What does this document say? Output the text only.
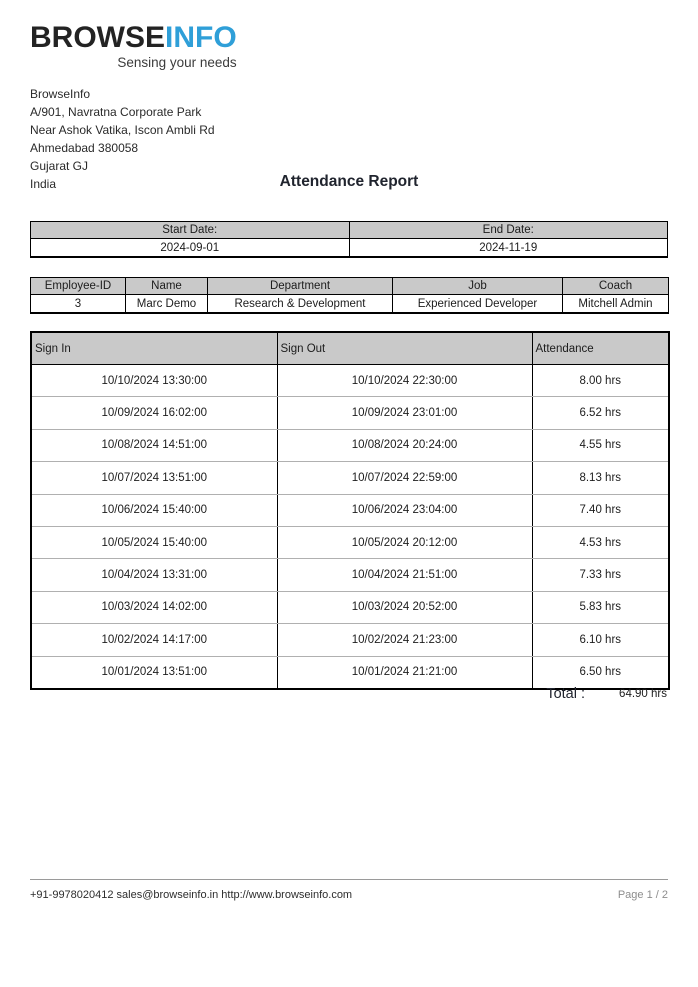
BROWSEINFO
Sensing your needs
BrowseInfo
A/901, Navratna Corporate Park
Near Ashok Vatika, Iscon Ambli Rd
Ahmedabad 380058
Gujarat GJ
India	Attendance Report
Start Date:	End Date:
2024-09-01	2024-11-19
Employee-ID	Name	Department	Job	Coach
3	Marc Demo	Research & Development	Experienced Developer	Mitchell Admin
Sign In	Sign Out	Attendance
10/10/2024 13:30:00	10/10/2024 22:30:00	8.00 hrs
10/09/2024 16:02:00	10/09/2024 23:01:00	6.52 hrs
10/08/2024 14:51:00	10/08/2024 20:24:00	4.55 hrs
10/07/2024 13:51:00	10/07/2024 22:59:00	8.13 hrs
10/06/2024 15:40:00	10/06/2024 23:04:00	7.40 hrs
10/05/2024 15:40:00	10/05/2024 20:12:00	4.53 hrs
10/04/2024 13:31:00	10/04/2024 21:51:00	7.33 hrs
10/03/2024 14:02:00	10/03/2024 20:52:00	5.83 hrs
10/02/2024 14:17:00	10/02/2024 21:23:00	6.10 hrs
10/01/2024 13:51:00	10/01/2024 21:21:00	6.50 hrs
Total :	64.90 hrs
+91-9978020412 sales@browseinfo.in http://www.browseinfo.com	Page 1 / 2
